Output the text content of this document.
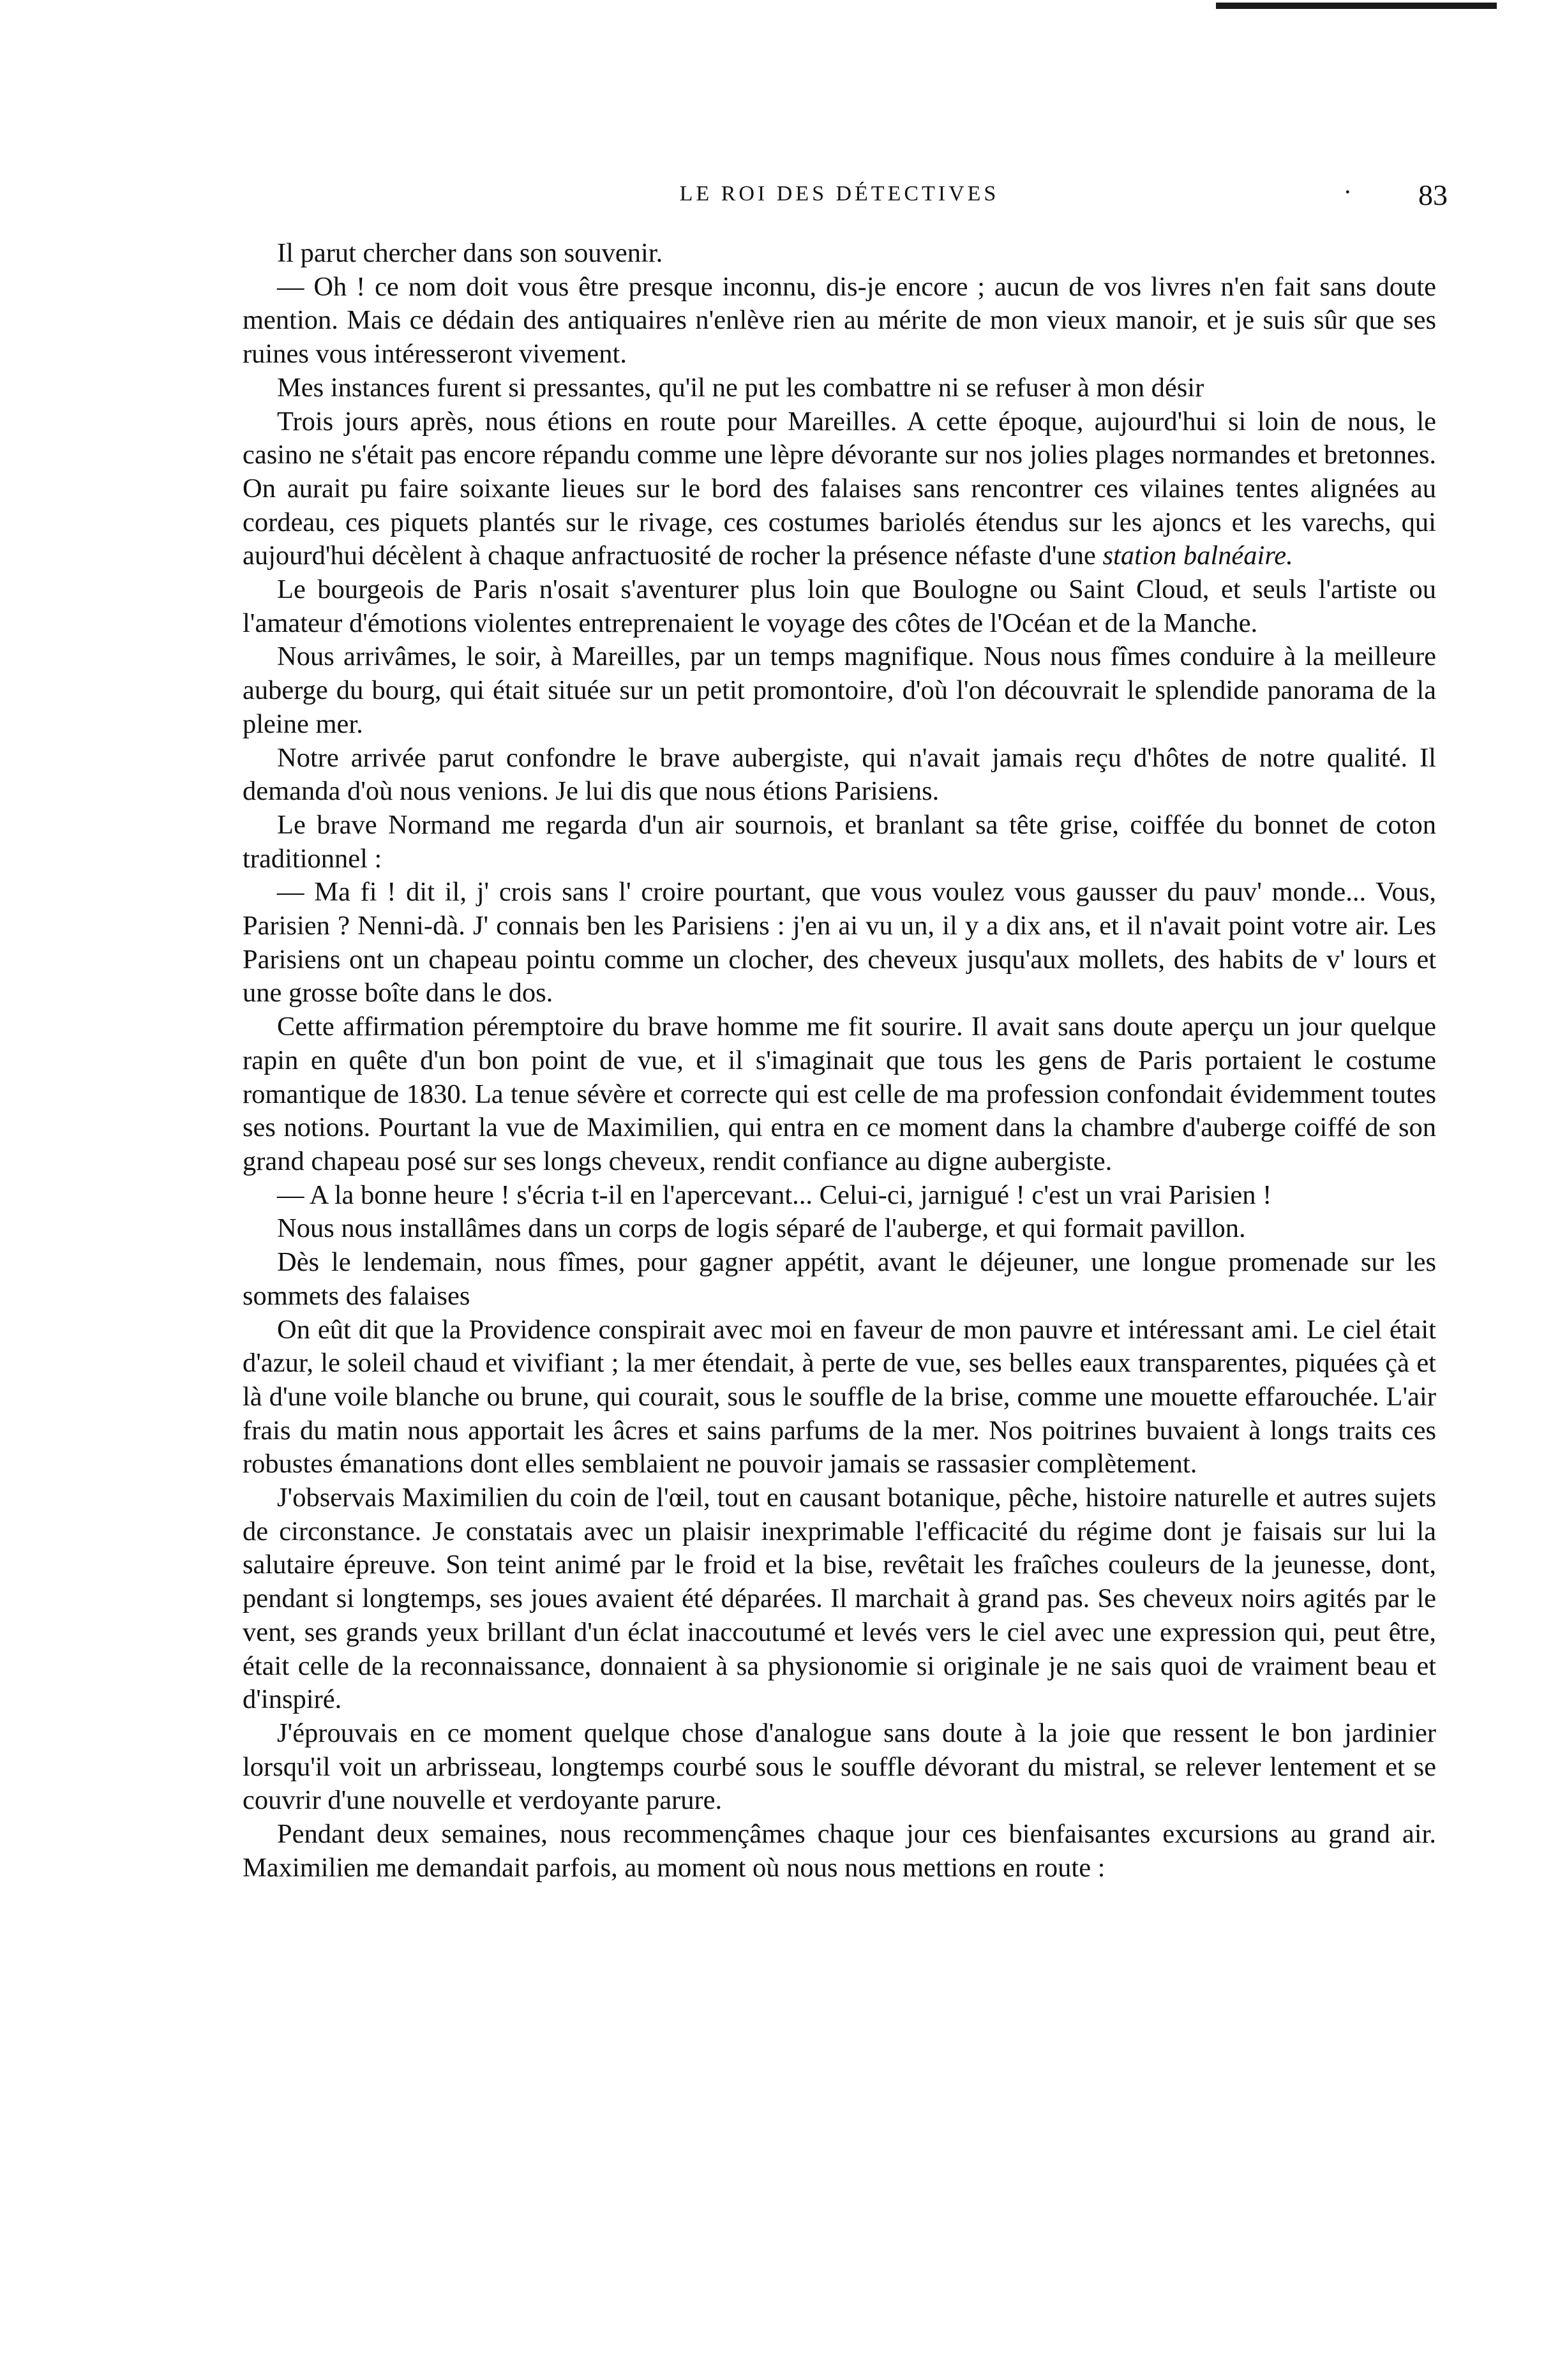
LE ROI DES DÉTECTIVES	· 83

Il parut chercher dans son souvenir.

— Oh ! ce nom doit vous être presque inconnu, dis-je encore ; aucun de vos livres n'en fait sans doute mention. Mais ce dédain des antiquaires n'enlève rien au mérite de mon vieux manoir, et je suis sûr que ses ruines vous intéresseront vivement.

Mes instances furent si pressantes, qu'il ne put les combattre ni se refuser à mon désir

Trois jours après, nous étions en route pour Mareilles. A cette époque, aujourd'hui si loin de nous, le casino ne s'était pas encore répandu comme une lèpre dévorante sur nos jolies plages normandes et bretonnes. On aurait pu faire soixante lieues sur le bord des falaises sans rencontrer ces vilaines tentes alignées au cordeau, ces piquets plantés sur le rivage, ces costumes bariolés étendus sur les ajoncs et les varechs, qui aujourd'hui décèlent à chaque anfractuosité de rocher la présence néfaste d'une station balnéaire.

Le bourgeois de Paris n'osait s'aventurer plus loin que Boulogne ou Saint Cloud, et seuls l'artiste ou l'amateur d'émotions violentes entreprenaient le voyage des côtes de l'Océan et de la Manche.

Nous arrivâmes, le soir, à Mareilles, par un temps magnifique. Nous nous fîmes conduire à la meilleure auberge du bourg, qui était située sur un petit promontoire, d'où l'on découvrait le splendide panorama de la pleine mer.

Notre arrivée parut confondre le brave aubergiste, qui n'avait jamais reçu d'hôtes de notre qualité. Il demanda d'où nous venions. Je lui dis que nous étions Parisiens.

Le brave Normand me regarda d'un air sournois, et branlant sa tête grise, coiffée du bonnet de coton traditionnel :

— Ma fi ! dit il, j' crois sans l' croire pourtant, que vous voulez vous gausser du pauv' monde... Vous, Parisien ? Nenni-dà. J' connais ben les Parisiens : j'en ai vu un, il y a dix ans, et il n'avait point votre air. Les Parisiens ont un chapeau pointu comme un clocher, des cheveux jusqu'aux mollets, des habits de v' lours et une grosse boîte dans le dos.

Cette affirmation péremptoire du brave homme me fit sourire. Il avait sans doute aperçu un jour quelque rapin en quête d'un bon point de vue, et il s'imaginait que tous les gens de Paris portaient le costume romantique de 1830. La tenue sévère et correcte qui est celle de ma profession confondait évidemment toutes ses notions. Pourtant la vue de Maximilien, qui entra en ce moment dans la chambre d'auberge coiffé de son grand chapeau posé sur ses longs cheveux, rendit confiance au digne aubergiste.

— A la bonne heure ! s'écria t-il en l'apercevant... Celui-ci, jarnigué ! c'est un vrai Parisien !

Nous nous installâmes dans un corps de logis séparé de l'auberge, et qui formait pavillon.

Dès le lendemain, nous fîmes, pour gagner appétit, avant le déjeuner, une longue promenade sur les sommets des falaises

On eût dit que la Providence conspirait avec moi en faveur de mon pauvre et intéressant ami. Le ciel était d'azur, le soleil chaud et vivifiant ; la mer étendait, à perte de vue, ses belles eaux transparentes, piquées çà et là d'une voile blanche ou brune, qui courait, sous le souffle de la brise, comme une mouette effarouchée. L'air frais du matin nous apportait les âcres et sains parfums de la mer. Nos poitrines buvaient à longs traits ces robustes émanations dont elles semblaient ne pouvoir jamais se rassasier complètement.

J'observais Maximilien du coin de l'œil, tout en causant botanique, pêche, histoire naturelle et autres sujets de circonstance. Je constatais avec un plaisir inexprimable l'efficacité du régime dont je faisais sur lui la salutaire épreuve. Son teint animé par le froid et la bise, revêtait les fraîches couleurs de la jeunesse, dont, pendant si longtemps, ses joues avaient été déparées. Il marchait à grand pas. Ses cheveux noirs agités par le vent, ses grands yeux brillant d'un éclat inaccoutumé et levés vers le ciel avec une expression qui, peut être, était celle de la reconnaissance, donnaient à sa physionomie si originale je ne sais quoi de vraiment beau et d'inspiré.

J'éprouvais en ce moment quelque chose d'analogue sans doute à la joie que ressent le bon jardinier lorsqu'il voit un arbrisseau, longtemps courbé sous le souffle dévorant du mistral, se relever lentement et se couvrir d'une nouvelle et verdoyante parure.

Pendant deux semaines, nous recommençâmes chaque jour ces bienfaisantes excursions au grand air. Maximilien me demandait parfois, au moment où nous nous mettions en route :
